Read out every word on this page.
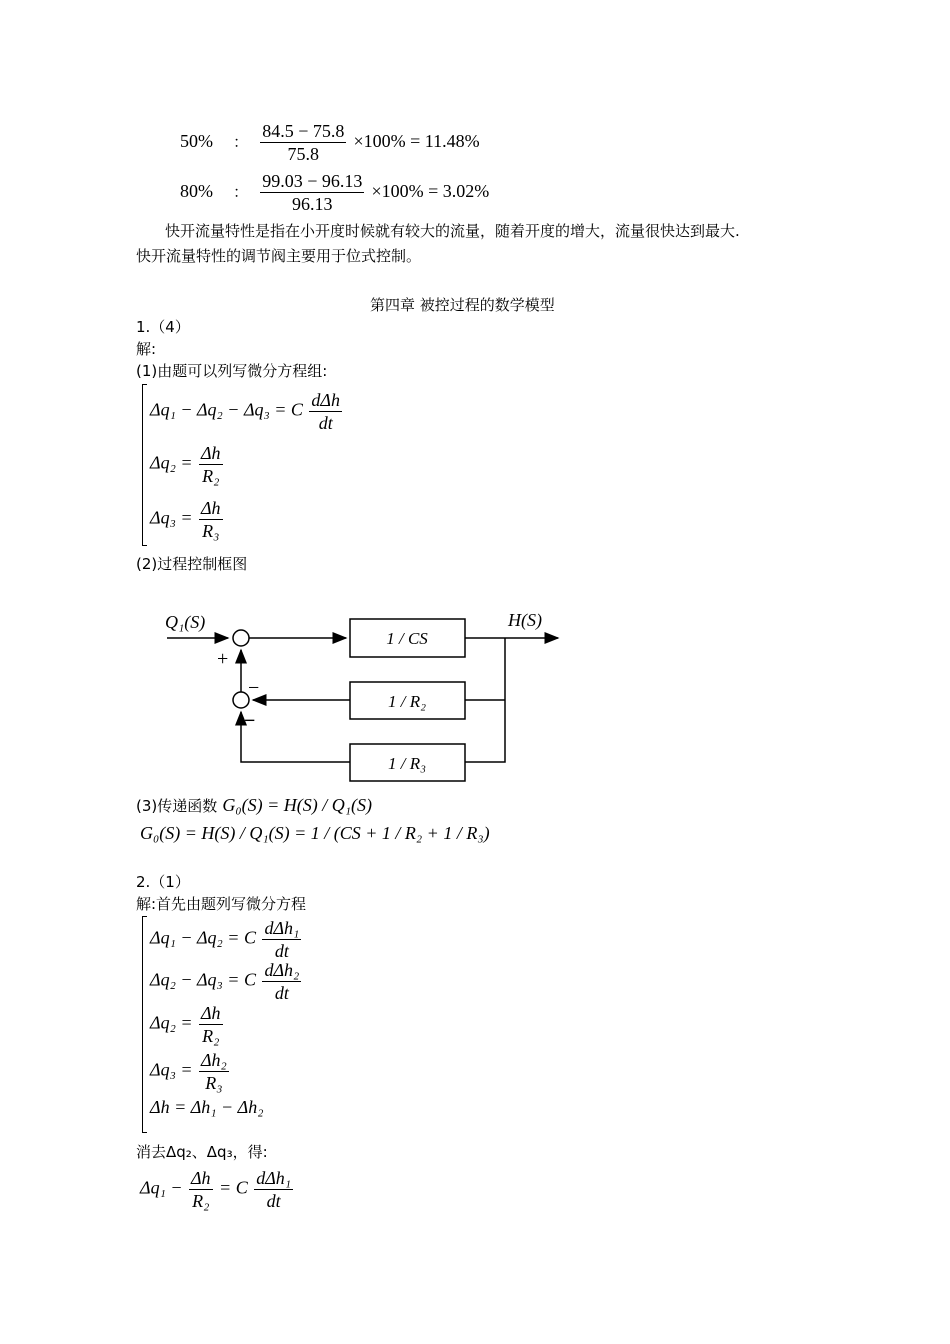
50% ： $\frac{84.5 - 75.8}{75.8} \times 100\% = 11.48\%$
80% ： $\frac{99.03 - 96.13}{96.13} \times 100\% = 3.02\%$
快开流量特性是指在小开度时候就有较大的流量，随着开度的增大，流量很快达到最大.
快开流量特性的调节阀主要用于位式控制。
第四章 被控过程的数学模型
1.（4）
解:
(1)由题可以列写微分方程组:
Δq₁ − Δq₂ − Δq₃ = C $\frac{\text{dΔh}}{dt}$
$\Delta q_2 = \frac{\Delta h}{\text{R₂}}$
$\Delta q_3 = \frac{\Delta h}{\text{R₃}}$
(2)过程控制框图
Q₁(S)	H(S)
+
−
−
1 / CS
1 / R₂
1 / R₃
(3)传递函数 G₀(S) = H(S) / Q₁(S)
G₀(S) = H(S) / Q₁(S) = 1 / (CS + 1 / R₂ + 1 / R₃)
2.（1）
解:首先由题列写微分方程
Δq₁ − Δq₂ = C $\frac{\text{dΔh₁}}{dt}$
Δq₂ − Δq₃ = C $\frac{\text{dΔh₂}}{dt}$
$\Delta q_2 = \frac{\Delta h}{\text{R₂}}$
$\Delta q_3 = \frac{\text{Δh₂}}{\text{R₃}}$
Δh = Δh₁ − Δh₂
消去Δq₂、Δq₃，得:
$\Delta q_1 - \frac{\Delta h}{\text{R₂}} = C \frac{\text{dΔh₁}}{dt}$
